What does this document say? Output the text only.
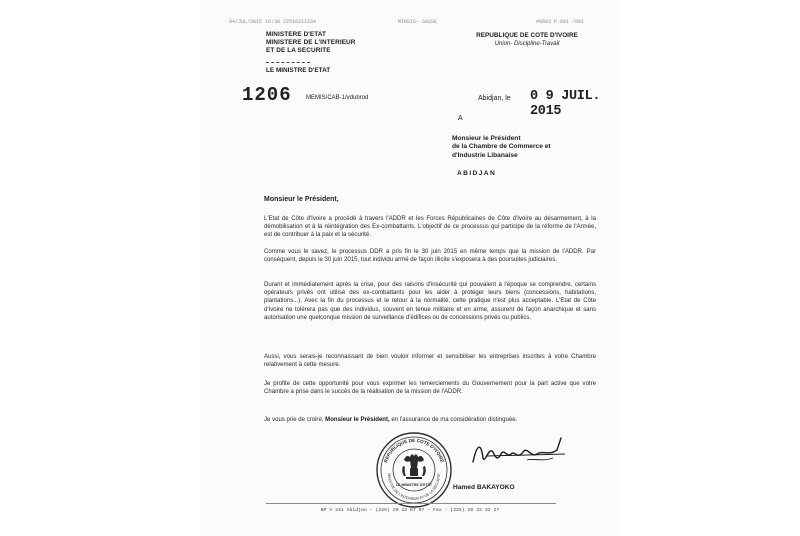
04/JUL/2015 16:38 22510211234	MINSIS- SASSE	#0683 P.001 /001
MINISTERE D'ETAT
MINISTERE DE L'INTERIEUR
ET DE LA SECURITE
LE MINISTRE D'ETAT
REPUBLIQUE DE COTE D'IVOIRE
Union- Discipline-Travail
1206 MEMIS/CAB-1/vdubrod	Abidjan, le 0 9 JUIL. 2015
A
Monsieur le Président
de la Chambre de Commerce et
d'Industrie Libanaise
ABIDJAN
Monsieur le Président,
L'Etat de Côte d'Ivoire a procédé à travers l'ADDR et les Forces Républicaines de Côte d'Ivoire au désarmement, à la démobilisation et à la réintégration des Ex-combattants. L'objectif de ce processus qui participe de la réforme de l'Armée, est de contribuer à la paix et la sécurité.
Comme vous le savez, le processus DDR a pris fin le 30 juin 2015 en même temps que la mission de l'ADDR. Par conséquent, depuis le 30 juin 2015, tout individu armé de façon illicite s'exposera à des poursuites judiciaires.
Durant et immédiatement après la crise, pour des raisons d'insécurité qui pouvaient à l'époque se comprendre, certains opérateurs privés ont utilisé des ex-combattants pour les aider à protéger leurs biens (concessions, habitations, plantations...). Avec la fin du processus et le retour à la normalité, cette pratique n'est plus acceptable. L'Etat de Côte d'Ivoire ne tolèrera pas que des individus, souvent en tenue militaire et en arme, assurent de façon anarchique et sans autorisation une quelconque mission de surveillance d'édifices ou de concessions privés ou publics.
Aussi, vous serais-je reconnaissant de bien vouloir informer et sensibiliser les entreprises inscrites à votre Chambre relativement à cette mesure.
Je profite de cette opportunité pour vous exprimer les remerciements du Gouvernement pour la part active que votre Chambre a prise dans le succès de la réalisation de la mission de l'ADDR.
Je vous prie de croire, Monsieur le Président, en l'assurance de ma considération distinguée.
REPUBLIQUE DE COTE D'IVOIRE
MINISTRE DE L'INTERIEUR ET DE LA SECURITE
LE MINISTRE D'ETAT	Hamed BAKAYOKO
BP V 241 Abidjan - (225) 20 22 87 97 - Fax : (225) 20 32 32 27
